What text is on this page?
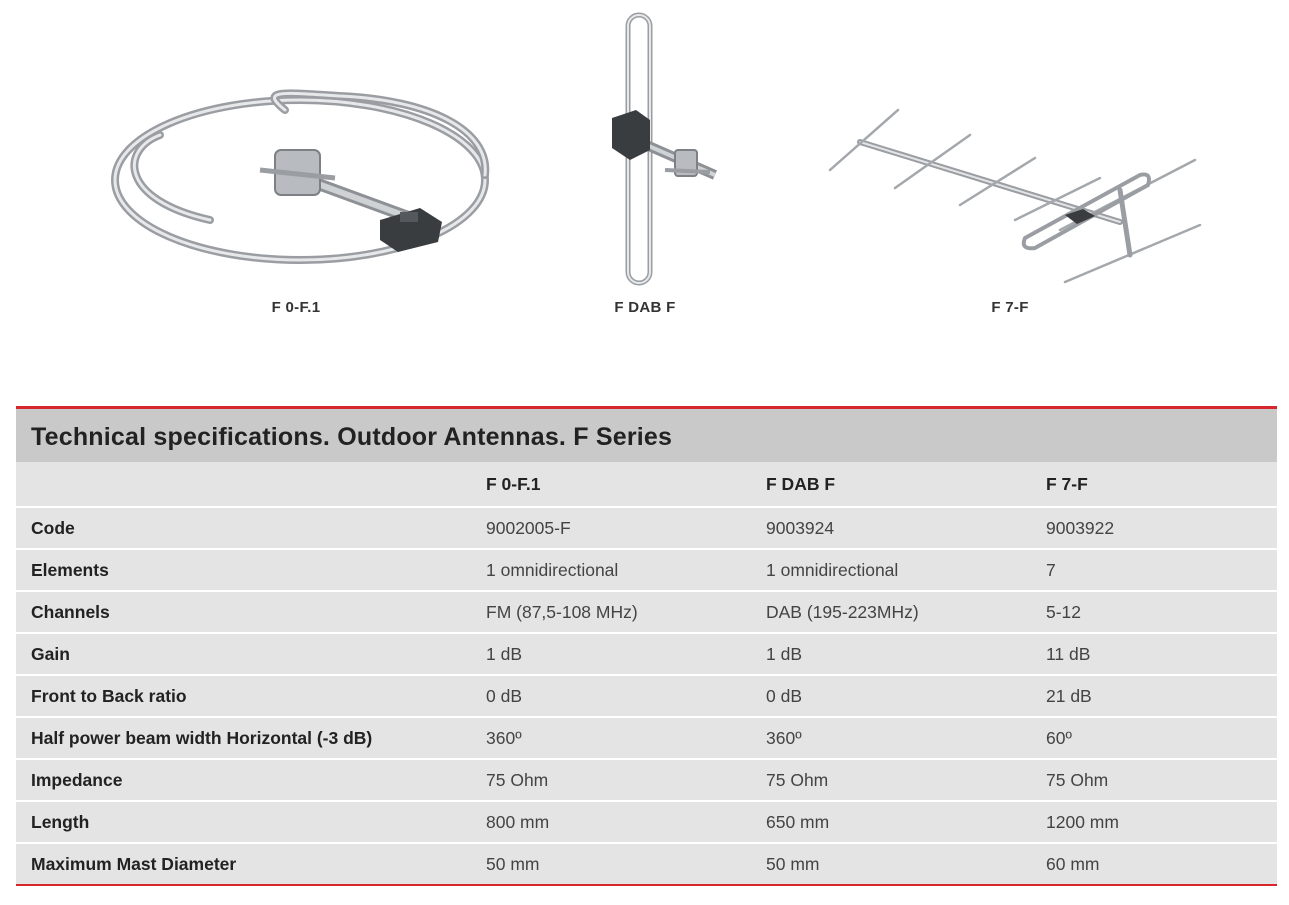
F 0-F.1	F DAB F	F 7-F
Technical specifications. Outdoor Antennas. F Series
	F 0-F.1	F DAB F	F 7-F
Code	9002005-F	9003924	9003922
Elements	1 omnidirectional	1 omnidirectional	7
Channels	FM (87,5-108 MHz)	DAB (195-223MHz)	5-12
Gain	1 dB	1 dB	11 dB
Front to Back ratio	0 dB	0 dB	21 dB
Half power beam width Horizontal (-3 dB)	360º	360º	60º
Impedance	75 Ohm	75 Ohm	75 Ohm
Length	800 mm	650 mm	1200 mm
Maximum Mast Diameter	50 mm	50 mm	60 mm
